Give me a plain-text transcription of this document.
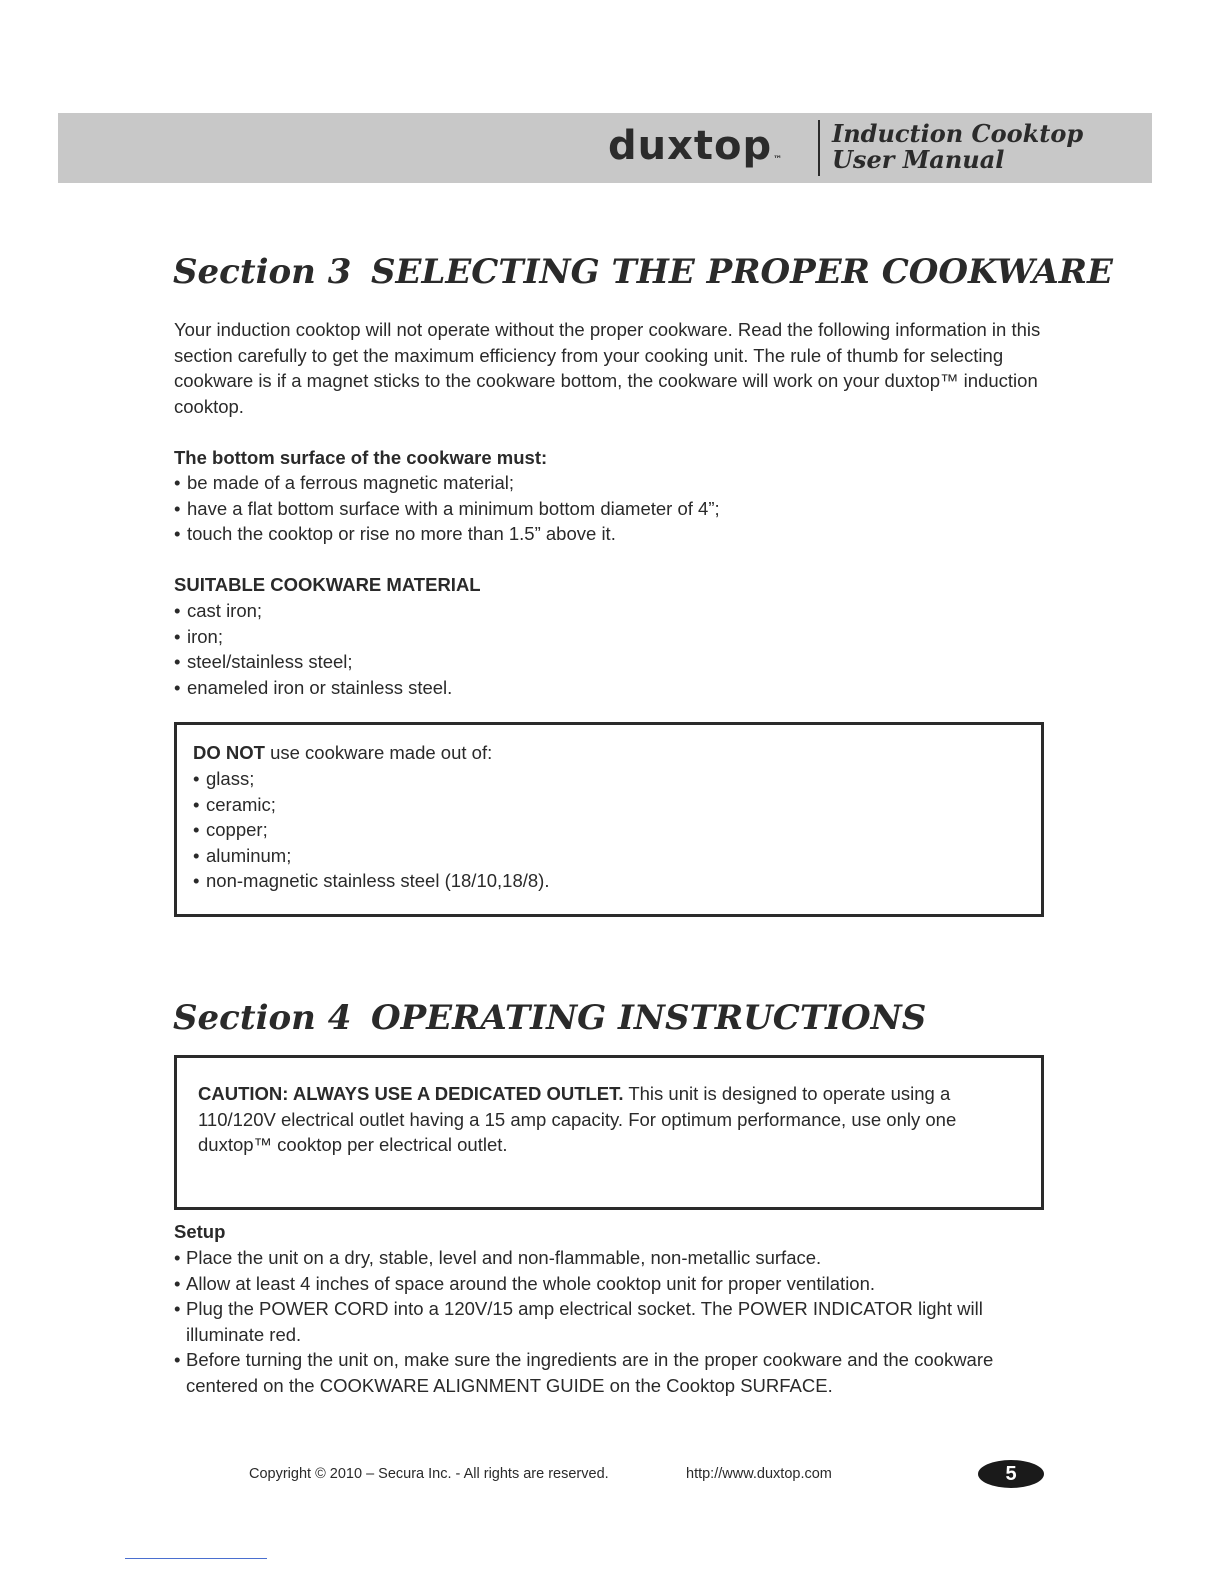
duxtop™
Induction Cooktop
User Manual
Section 3 SELECTING THE PROPER COOKWARE

Your induction cooktop will not operate without the proper cookware. Read the following information in this section carefully to get the maximum efficiency from your cooking unit. The rule of thumb for selecting cookware is if a magnet sticks to the cookware bottom, the cookware will work on your duxtop™ induction cooktop.

The bottom surface of the cookware must:
• be made of a ferrous magnetic material;
• have a flat bottom surface with a minimum bottom diameter of 4”;
• touch the cooktop or rise no more than 1.5” above it.
SUITABLE COOKWARE MATERIAL
• cast iron;
• iron;
• steel/stainless steel;
• enameled iron or stainless steel.
DO NOT use cookware made out of:
• glass;
• ceramic;
• copper;
• aluminum;
• non-magnetic stainless steel (18/10,18/8).
Section 4 OPERATING INSTRUCTIONS

CAUTION: ALWAYS USE A DEDICATED OUTLET. This unit is designed to operate using a 110/120V electrical outlet having a 15 amp capacity. For optimum performance, use only one duxtop™ cooktop per electrical outlet.

Setup
• Place the unit on a dry, stable, level and non-flammable, non-metallic surface.
• Allow at least 4 inches of space around the whole cooktop unit for proper ventilation.
• Plug the POWER CORD into a 120V/15 amp electrical socket. The POWER INDICATOR light will illuminate red.
• Before turning the unit on, make sure the ingredients are in the proper cookware and the cookware centered on the COOKWARE ALIGNMENT GUIDE on the Cooktop SURFACE.
Copyright © 2010 – Secura Inc. - All rights are reserved.	http://www.duxtop.com	5
